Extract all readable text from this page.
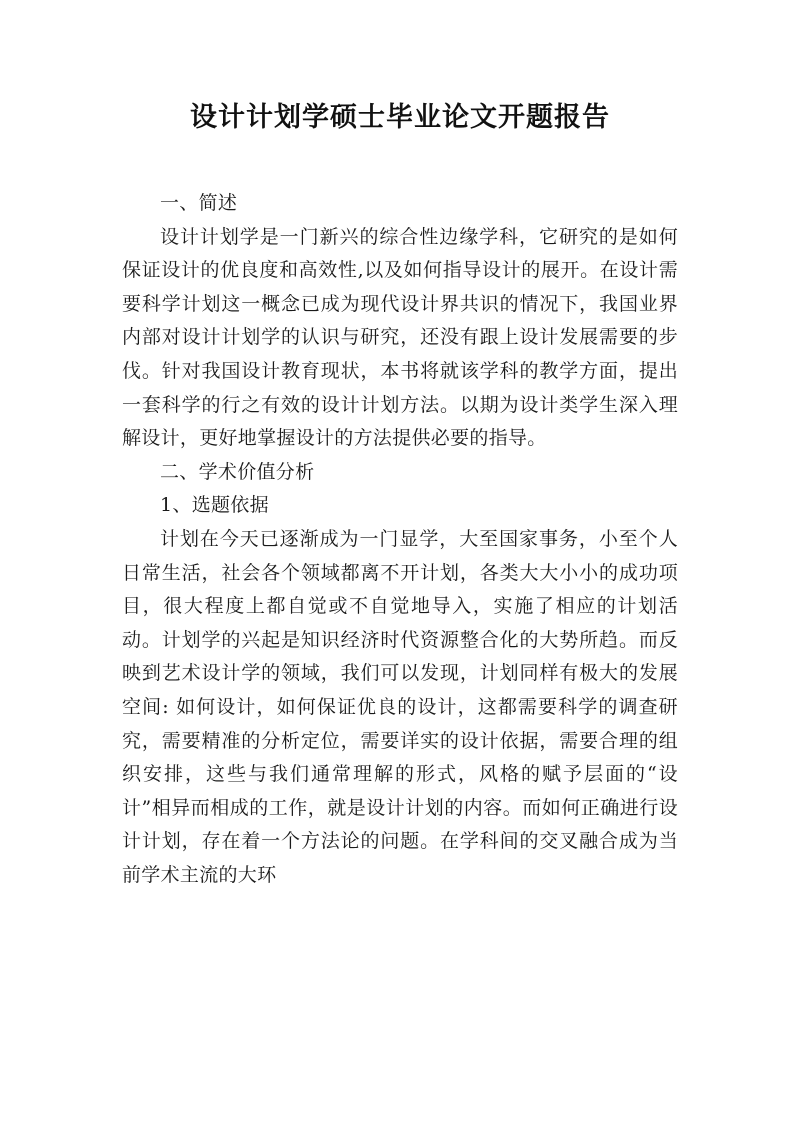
设计计划学硕士毕业论文开题报告

一、简述

设计计划学是一门新兴的综合性边缘学科，它研究的是如何保证设计的优良度和高效性,以及如何指导设计的展开。在设计需要科学计划这一概念已成为现代设计界共识的情况下，我国业界内部对设计计划学的认识与研究，还没有跟上设计发展需要的步伐。针对我国设计教育现状，本书将就该学科的教学方面，提出一套科学的行之有效的设计计划方法。以期为设计类学生深入理解设计，更好地掌握设计的方法提供必要的指导。

二、学术价值分析

1、选题依据

计划在今天已逐渐成为一门显学，大至国家事务，小至个人日常生活，社会各个领域都离不开计划，各类大大小小的成功项目，很大程度上都自觉或不自觉地导入，实施了相应的计划活动。计划学的兴起是知识经济时代资源整合化的大势所趋。而反映到艺术设计学的领域，我们可以发现，计划同样有极大的发展空间: 如何设计，如何保证优良的设计，这都需要科学的调查研究，需要精准的分析定位，需要详实的设计依据，需要合理的组织安排，这些与我们通常理解的形式，风格的赋予层面的“设计”相异而相成的工作，就是设计计划的内容。而如何正确进行设计计划，存在着一个方法论的问题。在学科间的交叉融合成为当前学术主流的大环
